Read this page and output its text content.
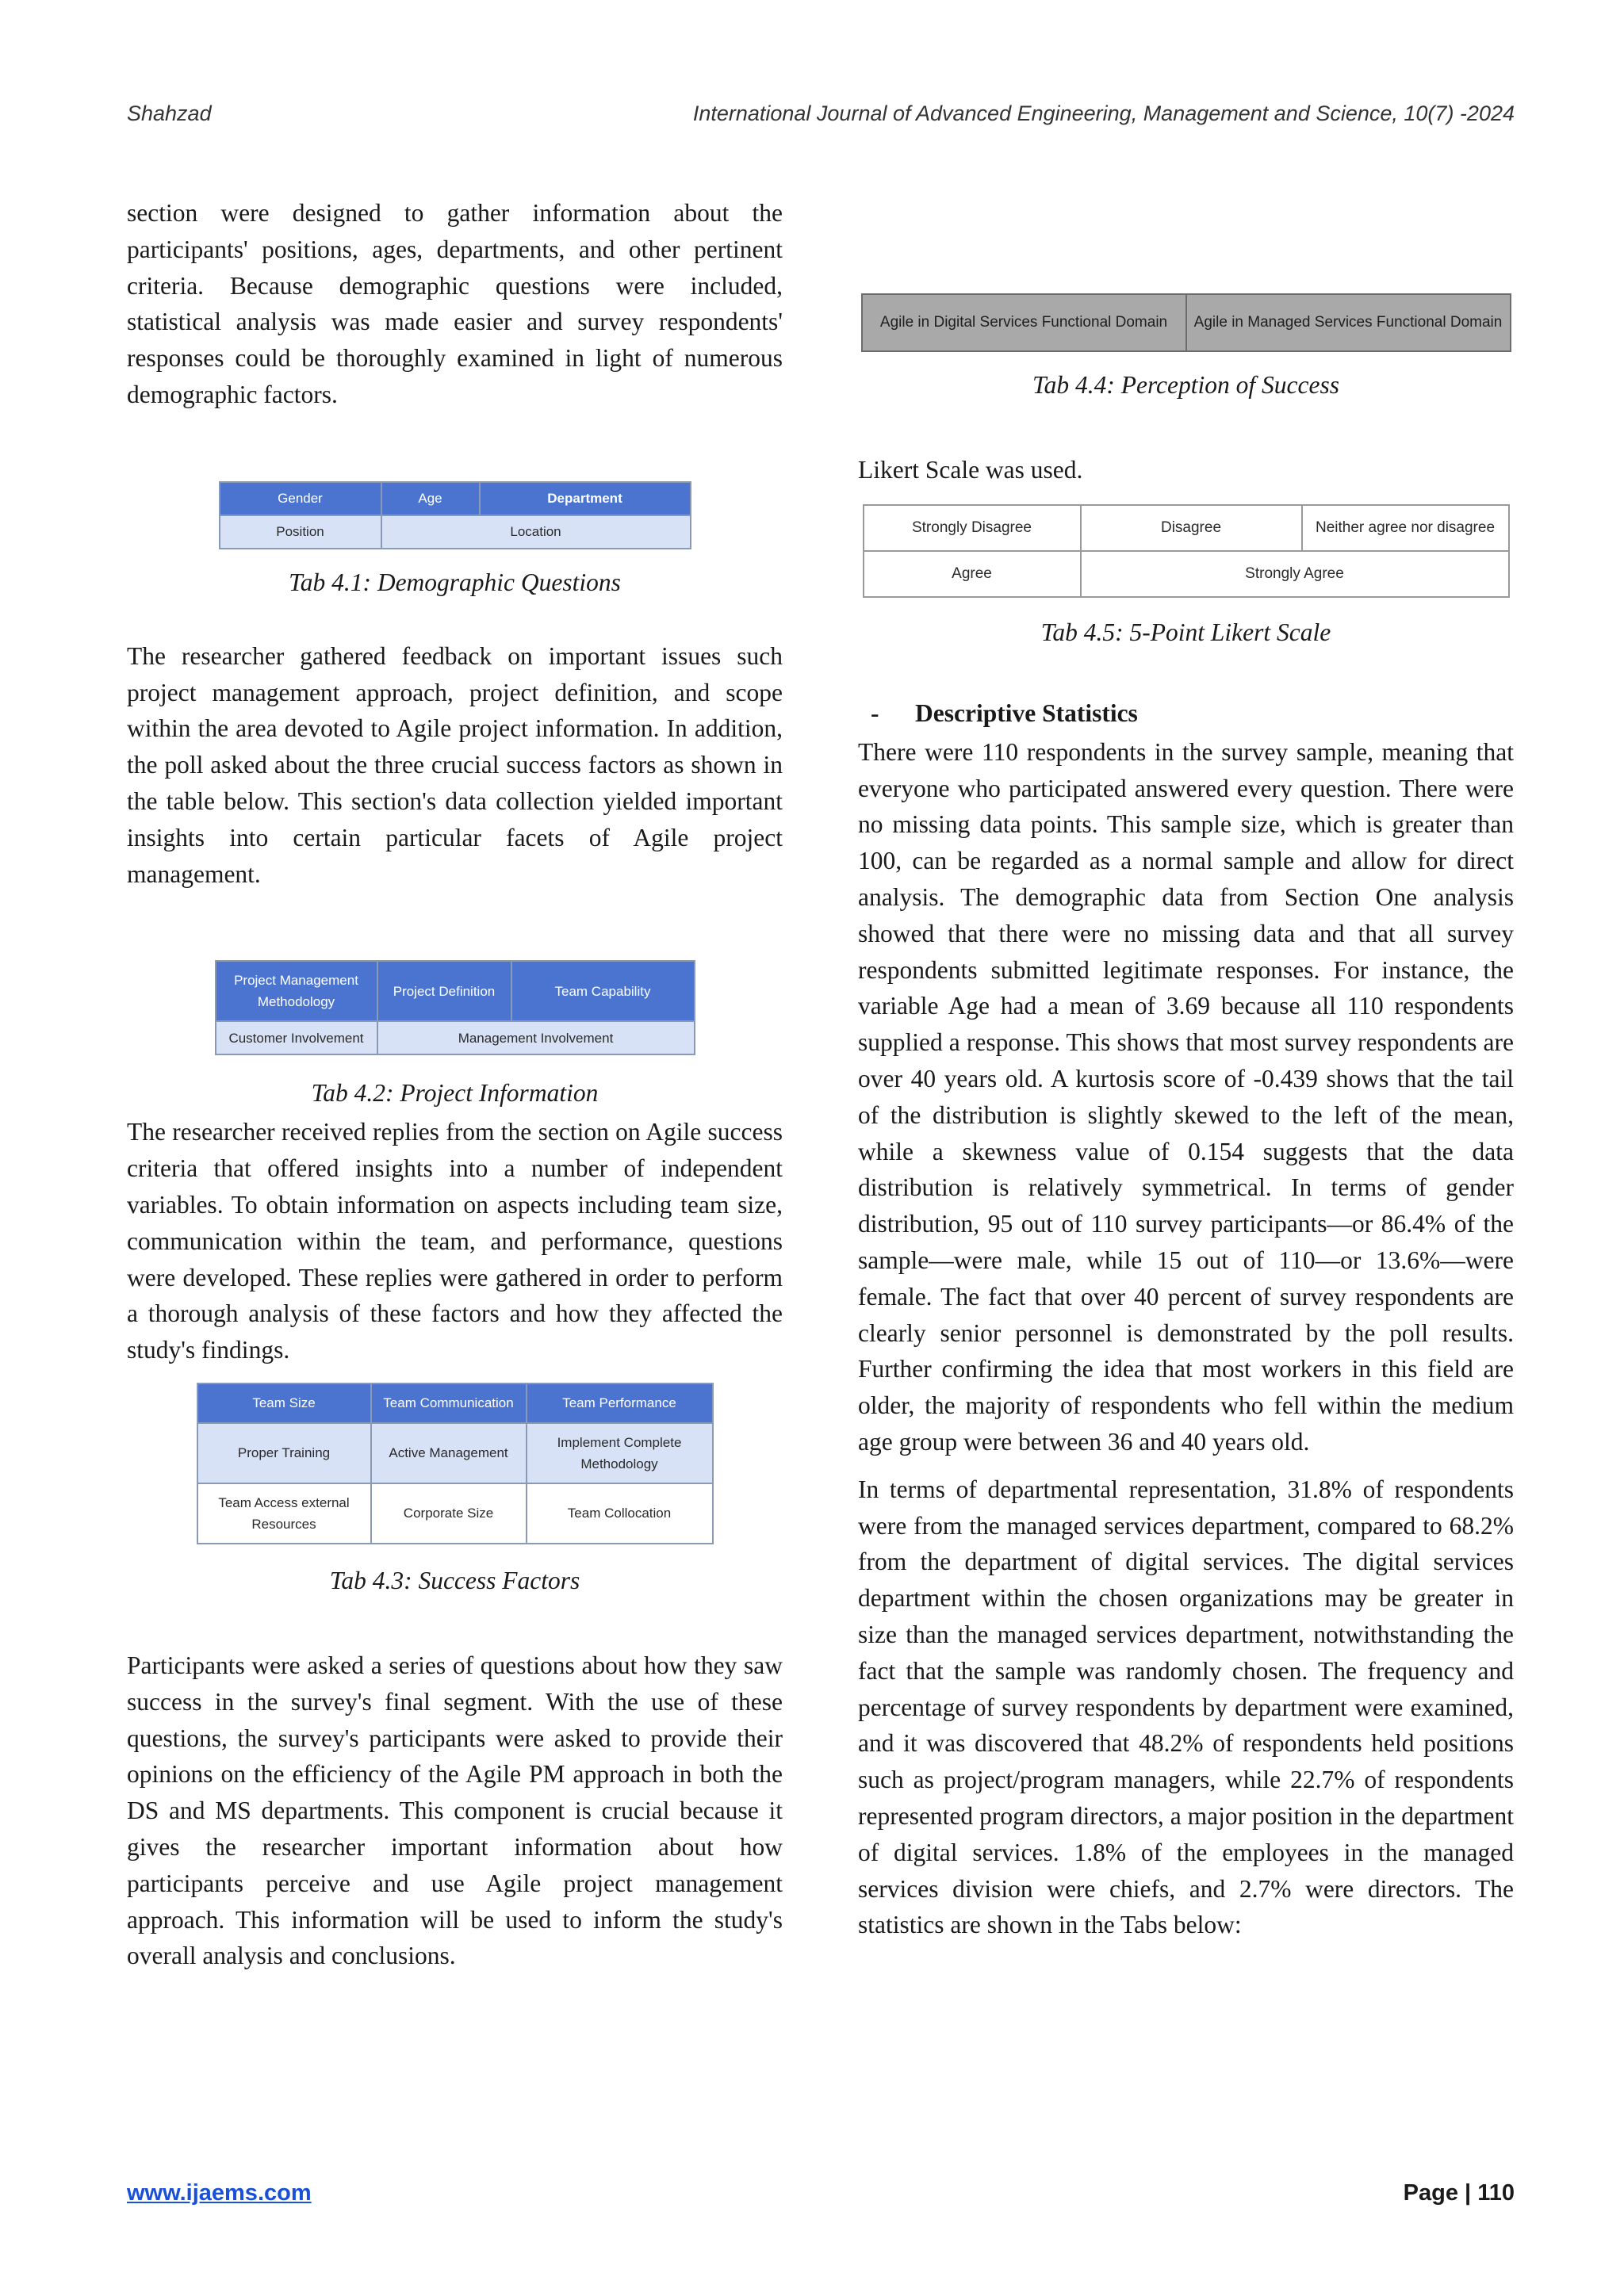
Shahzad	International Journal of Advanced Engineering, Management and Science, 10(7) -2024

section were designed to gather information about the participants' positions, ages, departments, and other pertinent criteria. Because demographic questions were included, statistical analysis was made easier and survey respondents' responses could be thoroughly examined in light of numerous demographic factors.

Gender	Age	Department
Position	Location	

Tab 4.1: Demographic Questions

The researcher gathered feedback on important issues such project management approach, project definition, and scope within the area devoted to Agile project information. In addition, the poll asked about the three crucial success factors as shown in the table below. This section's data collection yielded important insights into certain particular facets of Agile project management.

Project Management Methodology	Project Definition	Team Capability
Customer Involvement	Management Involvement	

Tab 4.2: Project Information

The researcher received replies from the section on Agile success criteria that offered insights into a number of independent variables. To obtain information on aspects including team size, communication within the team, and performance, questions were developed. These replies were gathered in order to perform a thorough analysis of these factors and how they affected the study's findings.

Team Size	Team Communication	Team Performance
Proper Training	Active Management	Implement Complete Methodology
Team Access external Resources	Corporate Size	Team Collocation

Tab 4.3: Success Factors

Participants were asked a series of questions about how they saw success in the survey's final segment. With the use of these questions, the survey's participants were asked to provide their opinions on the efficiency of the Agile PM approach in both the DS and MS departments. This component is crucial because it gives the researcher important information about how participants perceive and use Agile project management approach. This information will be used to inform the study's overall analysis and conclusions.

Agile in Digital Services Functional Domain	Agile in Managed Services Functional Domain

Tab 4.4: Perception of Success

Likert Scale was used.

Strongly Disagree	Disagree	Neither agree nor disagree
Agree	Strongly Agree	

Tab 4.5: 5-Point Likert Scale

- Descriptive Statistics

There were 110 respondents in the survey sample, meaning that everyone who participated answered every question. There were no missing data points. This sample size, which is greater than 100, can be regarded as a normal sample and allow for direct analysis. The demographic data from Section One analysis showed that there were no missing data and that all survey respondents submitted legitimate responses. For instance, the variable Age had a mean of 3.69 because all 110 respondents supplied a response. This shows that most survey respondents are over 40 years old. A kurtosis score of -0.439 shows that the tail of the distribution is slightly skewed to the left of the mean, while a skewness value of 0.154 suggests that the data distribution is relatively symmetrical. In terms of gender distribution, 95 out of 110 survey participants—or 86.4% of the sample—were male, while 15 out of 110—or 13.6%—were female. The fact that over 40 percent of survey respondents are clearly senior personnel is demonstrated by the poll results. Further confirming the idea that most workers in this field are older, the majority of respondents who fell within the medium age group were between 36 and 40 years old.

In terms of departmental representation, 31.8% of respondents were from the managed services department, compared to 68.2% from the department of digital services. The digital services department within the chosen organizations may be greater in size than the managed services department, notwithstanding the fact that the sample was randomly chosen. The frequency and percentage of survey respondents by department were examined, and it was discovered that 48.2% of respondents held positions such as project/program managers, while 22.7% of respondents represented program directors, a major position in the department of digital services. 1.8% of the employees in the managed services division were chiefs, and 2.7% were directors. The statistics are shown in the Tabs below:

www.ijaems.com	Page | 110
